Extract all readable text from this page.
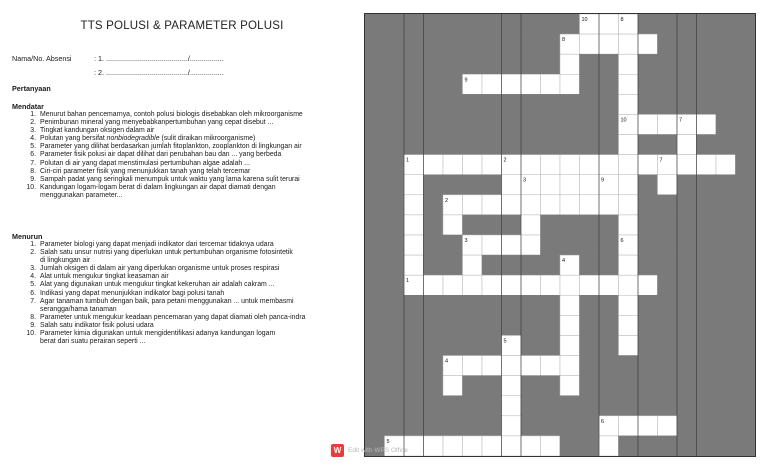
TTS POLUSI & PARAMETER POLUSI
Nama/No. Absensi	: 1. ........................................./.................
: 2. ........................................./.................
Pertanyaan
Mendatar
1. Menurut bahan pencemarnya, contoh polusi biologis disebabkan oleh mikroorganisme
2. Penimbunan mineral yang menyebabkanpertumbuhan yang cepat disebut ...
3. Tingkat kandungan oksigen dalam air
4. Polutan yang bersifat nonbiodegradible (sulit diraikan mikroorganisme)
5. Parameter yang dilihat berdasarkan jumlah fitoplankton, zooplankton di lingkungan air
6. Parameter fisik polusi air dapat dilihat dari perubahan bau dan ... yang berbeda
7. Polutan di air yang dapat menstimulasi pertumbuhan algae adalah ...
8. Ciri-ciri parameter fisik yang menunjukkan tanah yang telah tercemar
9. Sampah padat yang seringkali menumpuk untuk waktu yang lama karena sulit terurai
10. Kandungan logam-logam berat di dalam lingkungan air dapat diamati dengan
menggunakan parameter...
Menurun
1. Parameter biologi yang dapat menjadi indikator dari tercemar tidaknya udara
2. Salah satu unsur nutrisi yang diperlukan untuk pertumbuhan organisme fotosintetik
di lingkungan air
3. Jumlah oksigen di dalam air yang diperlukan organisme untuk proses respirasi
4. Alat untuk mengukur tingkat keasaman air
5. Alat yang digunakan untuk mengukur tingkat kekeruhan air adalah cakram ...
6. Indikasi yang dapat menunjukkan indikator bagi polusi tanah
7. Agar tanaman tumbuh dengan baik, para petani menggunakan ... untuk membasmi
serangga/hama tanaman
8. Parameter untuk mengukur keadaan pencemaran yang dapat diamati oleh panca-indra
9. Salah satu indikator fisik polusi udara
10. Parameter kimia digunakan untuk mengidentifikasi adanya kandungan logam
berat dari suatu perairan seperti ...
10	8
8
9
10	7
1	2	7
3	9
2
3	6
4
1
5
4
6
5
W	Edit with WPS Office
